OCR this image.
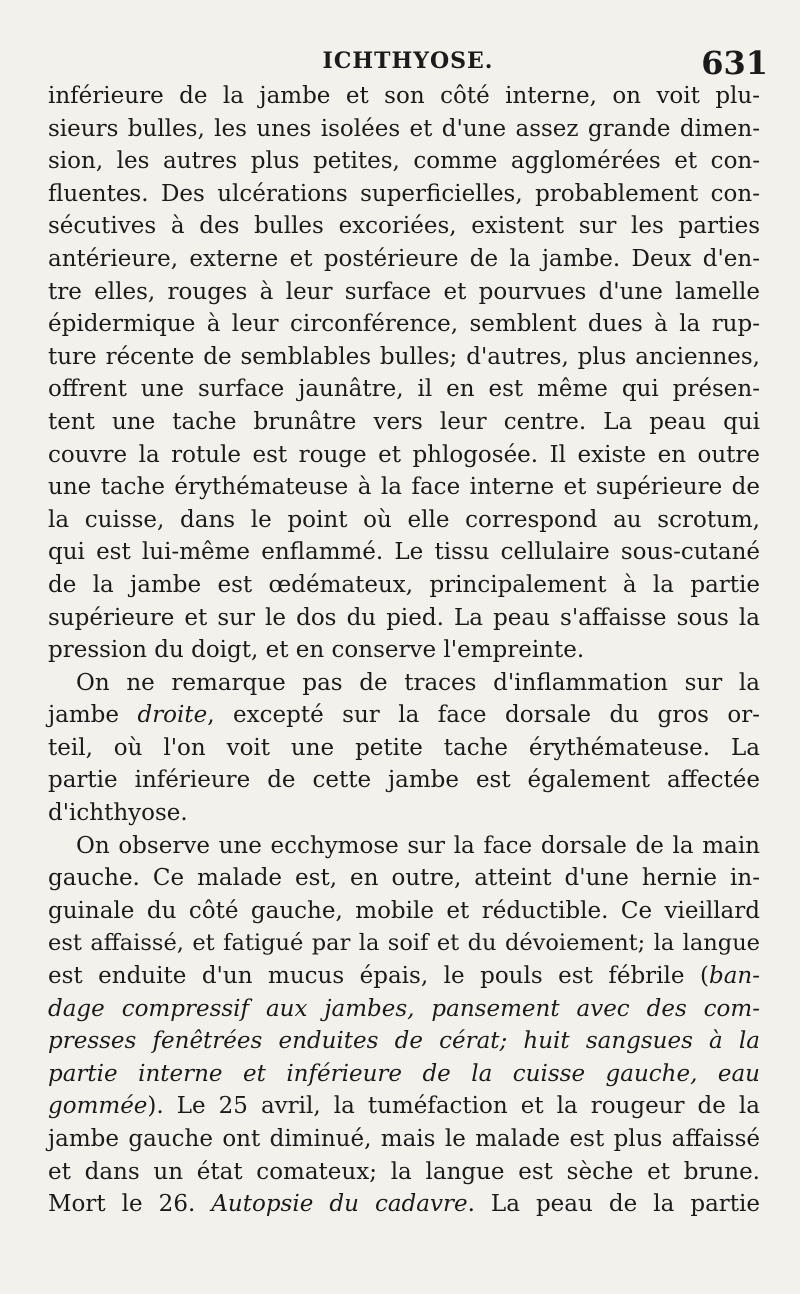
ICHTHYOSE.	631
inférieure de la jambe et son côté interne, on voit plu-
sieurs bulles, les unes isolées et d'une assez grande dimen-
sion, les autres plus petites, comme agglomérées et con-
fluentes. Des ulcérations superficielles, probablement con-
sécutives à des bulles excoriées, existent sur les parties
antérieure, externe et postérieure de la jambe. Deux d'en-
tre elles, rouges à leur surface et pourvues d'une lamelle
épidermique à leur circonférence, semblent dues à la rup-
ture récente de semblables bulles; d'autres, plus anciennes,
offrent une surface jaunâtre, il en est même qui présen-
tent une tache brunâtre vers leur centre. La peau qui
couvre la rotule est rouge et phlogosée. Il existe en outre
une tache érythémateuse à la face interne et supérieure de
la cuisse, dans le point où elle correspond au scrotum,
qui est lui-même enflammé. Le tissu cellulaire sous-cutané
de la jambe est œdémateux, principalement à la partie
supérieure et sur le dos du pied. La peau s'affaisse sous la
pression du doigt, et en conserve l'empreinte.
On ne remarque pas de traces d'inflammation sur la
jambe droite, excepté sur la face dorsale du gros or-
teil, où l'on voit une petite tache érythémateuse. La
partie inférieure de cette jambe est également affectée
d'ichthyose.
On observe une ecchymose sur la face dorsale de la main
gauche. Ce malade est, en outre, atteint d'une hernie in-
guinale du côté gauche, mobile et réductible. Ce vieillard
est affaissé, et fatigué par la soif et du dévoiement; la langue
est enduite d'un mucus épais, le pouls est fébrile (ban-
dage compressif aux jambes, pansement avec des com-
presses fenêtrées enduites de cérat; huit sangsues à la
partie interne et inférieure de la cuisse gauche, eau
gommée). Le 25 avril, la tuméfaction et la rougeur de la
jambe gauche ont diminué, mais le malade est plus affaissé
et dans un état comateux; la langue est sèche et brune.
Mort le 26. Autopsie du cadavre. La peau de la partie
